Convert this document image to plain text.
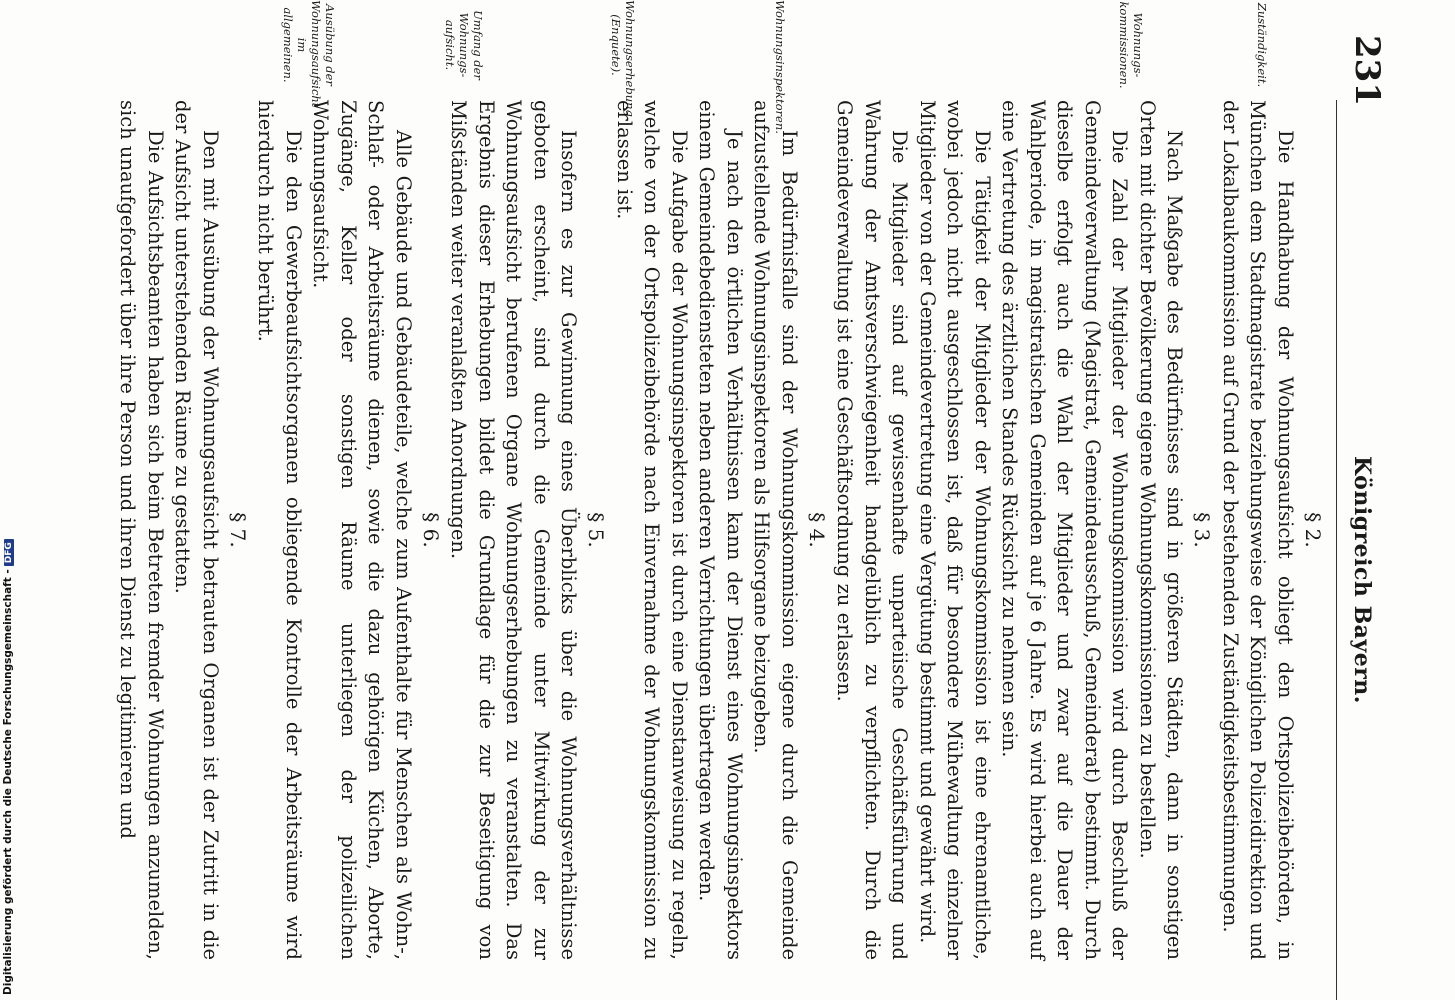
231
Königreich Bayern.
Zuständigkeit.
Wohnungs-kommissionen.
Wohnungsinspektoren.
Wohnungserhebung (Enquete).
Umfang der Wohnungs-aufsicht.
Ausübung der Wohnungsaufsicht im allgemeinen.

§ 2.

Die Handhabung der Wohnungsaufsicht obliegt den Ortspolizeibehörden, in München dem Stadtmagistrate beziehungsweise der Königlichen Polizeidirektion und der Lokalbaukommission auf Grund der bestehenden Zuständigkeitsbestimmungen.

§ 3.

Nach Maßgabe des Bedürfnisses sind in größeren Städten, dann in sonstigen Orten mit dichter Bevölkerung eigene Wohnungskommissionen zu bestellen.

Die Zahl der Mitglieder der Wohnungskommission wird durch Beschluß der Gemeindeverwaltung (Magistrat, Gemeindeausschuß, Gemeinderat) bestimmt. Durch dieselbe erfolgt auch die Wahl der Mitglieder und zwar auf die Dauer der Wahlperiode, in magistratischen Gemeinden auf je 6 Jahre. Es wird hierbei auch auf eine Vertretung des ärztlichen Standes Rücksicht zu nehmen sein.

Die Tätigkeit der Mitglieder der Wohnungskommission ist eine ehrenamtliche, wobei jedoch nicht ausgeschlossen ist, daß für besondere Mühewaltung einzelner Mitglieder von der Gemeindevertretung eine Vergütung bestimmt und gewährt wird.

Die Mitglieder sind auf gewissenhafte unparteiische Geschäftsführung und Wahrung der Amtsverschwiegenheit handgelüblich zu verpflichten. Durch die Gemeindeverwaltung ist eine Geschäftsordnung zu erlassen.

§ 4.

Im Bedürfnisfalle sind der Wohnungskommission eigene durch die Gemeinde aufzustellende Wohnungsinspektoren als Hilfsorgane beizugeben.

Je nach den örtlichen Verhältnissen kann der Dienst eines Wohnungsinspektors einem Gemeindebediensteten neben anderen Verrichtungen übertragen werden.

Die Aufgabe der Wohnungsinspektoren ist durch eine Dienstanweisung zu regeln, welche von der Ortspolizeibehörde nach Einvernahme der Wohnungskommission zu erlassen ist.

§ 5.

Insofern es zur Gewinnung eines Überblicks über die Wohnungsverhältnisse geboten erscheint, sind durch die Gemeinde unter Mitwirkung der zur Wohnungsaufsicht berufenen Organe Wohnungserhebungen zu veranstalten. Das Ergebnis dieser Erhebungen bildet die Grundlage für die zur Beseitigung von Mißständen weiter veranlaßten Anordnungen.

§ 6.

Alle Gebäude und Gebäudeteile, welche zum Aufenthalte für Menschen als Wohn-, Schlaf- oder Arbeitsräume dienen, sowie die dazu gehörigen Küchen, Aborte, Zugänge, Keller oder sonstigen Räume unterliegen der polizeilichen Wohnungsaufsicht.

Die den Gewerbeaufsichtsorganen obliegende Kontrolle der Arbeitsräume wird hierdurch nicht berührt.

§ 7.

Den mit Ausübung der Wohnungsaufsicht betrauten Organen ist der Zutritt in die der Aufsicht unterstehenden Räume zu gestatten.

Die Aufsichtsbeamten haben sich beim Betreten fremder Wohnungen anzumelden, sich unaufgefordert über ihre Person und ihren Dienst zu legitimieren und

Digitalisierung gefördert durch die Deutsche Forschungsgemeinschaft -DFG
